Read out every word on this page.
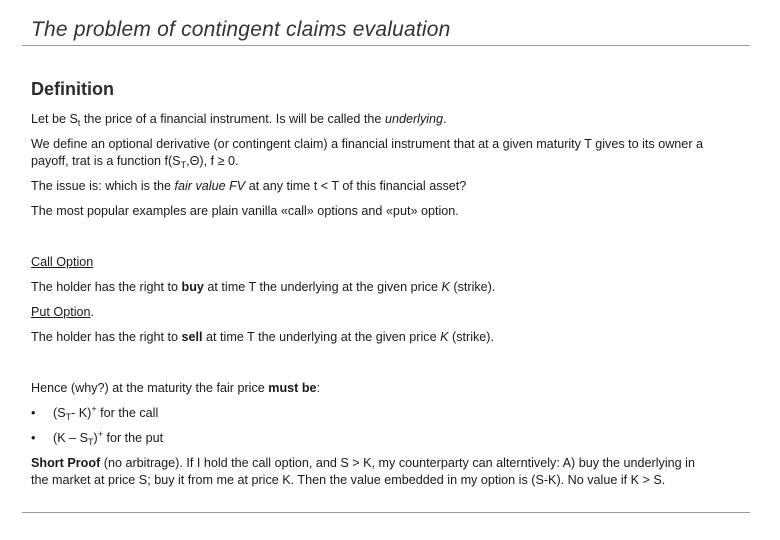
The problem of contingent claims evaluation
Definition

Let be $S_t$ the price of a financial instrument. Is will be called the underlying.

We define an optional derivative (or contingent claim) a financial instrument that at a given maturity T gives to its owner a payoff, trat is a function $f(S_T,\Theta)$, f ≥ 0.

The issue is: which is the fair value FV at any time t < T of this financial asset?

The most popular examples are plain vanilla «call» options and «put» option.

Call Option

The holder has the right to buy at time T the underlying at the given price K (strike).

Put Option.

The holder has the right to sell at time T the underlying at the given price K (strike).

Hence (why?) at the maturity the fair price must be:

• ($S_T-$ K)+ for the call
• $(K - S_T)^+$ for the put

Short Proof (no arbitrage). If I hold the call option, and S > K, my counterparty can alterntively: A) buy the underlying in the market at price S; buy it from me at price K. Then the value embedded in my option is (S-K). No value if K > S.
